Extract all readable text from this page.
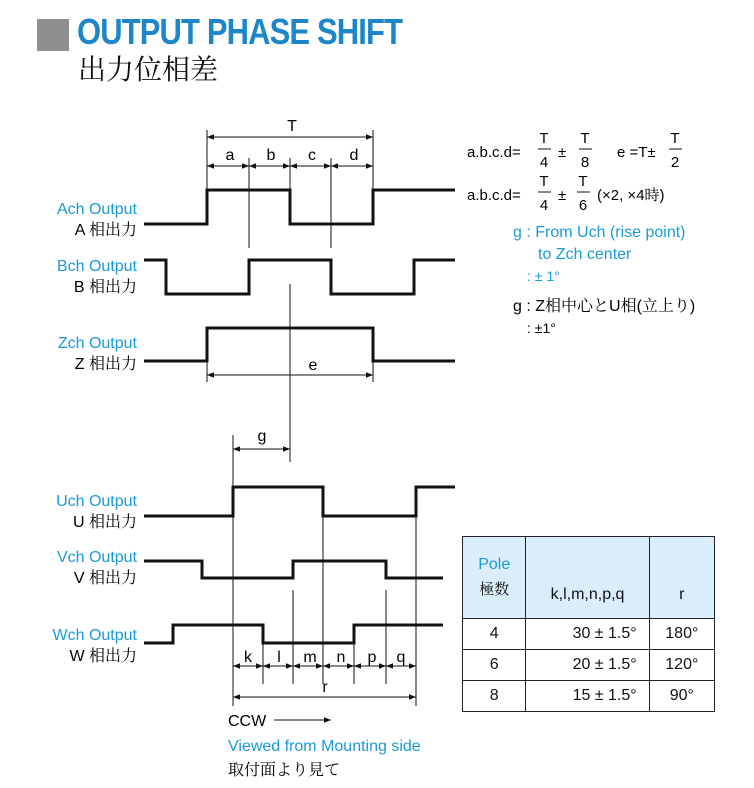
OUTPUT PHASE SHIFT
出力位相差
Ach Output
A 相出力
Bch Output
B 相出力
Zch Output
Z 相出力
Uch Output
U 相出力
Vch Output
V 相出力
Wch Output
W 相出力
T
a b c d
e
g
k l m n p q
r
a.b.c.d=
T
4
±
T
8
e =T±
T
2
a.b.c.d=
T
4
±
T
6
(×2, ×4時)
g : From Uch (rise point)
to Zch center
: ± 1°
g : Z相中心とU相(立上り)
: ±1°
CCW
Viewed from Mounting side
取付面より見て
Pole
極数	k,l,m,n,p,q	r
4	30 ± 1.5°	180°
6	20 ± 1.5°	120°
8	15 ± 1.5°	90°
